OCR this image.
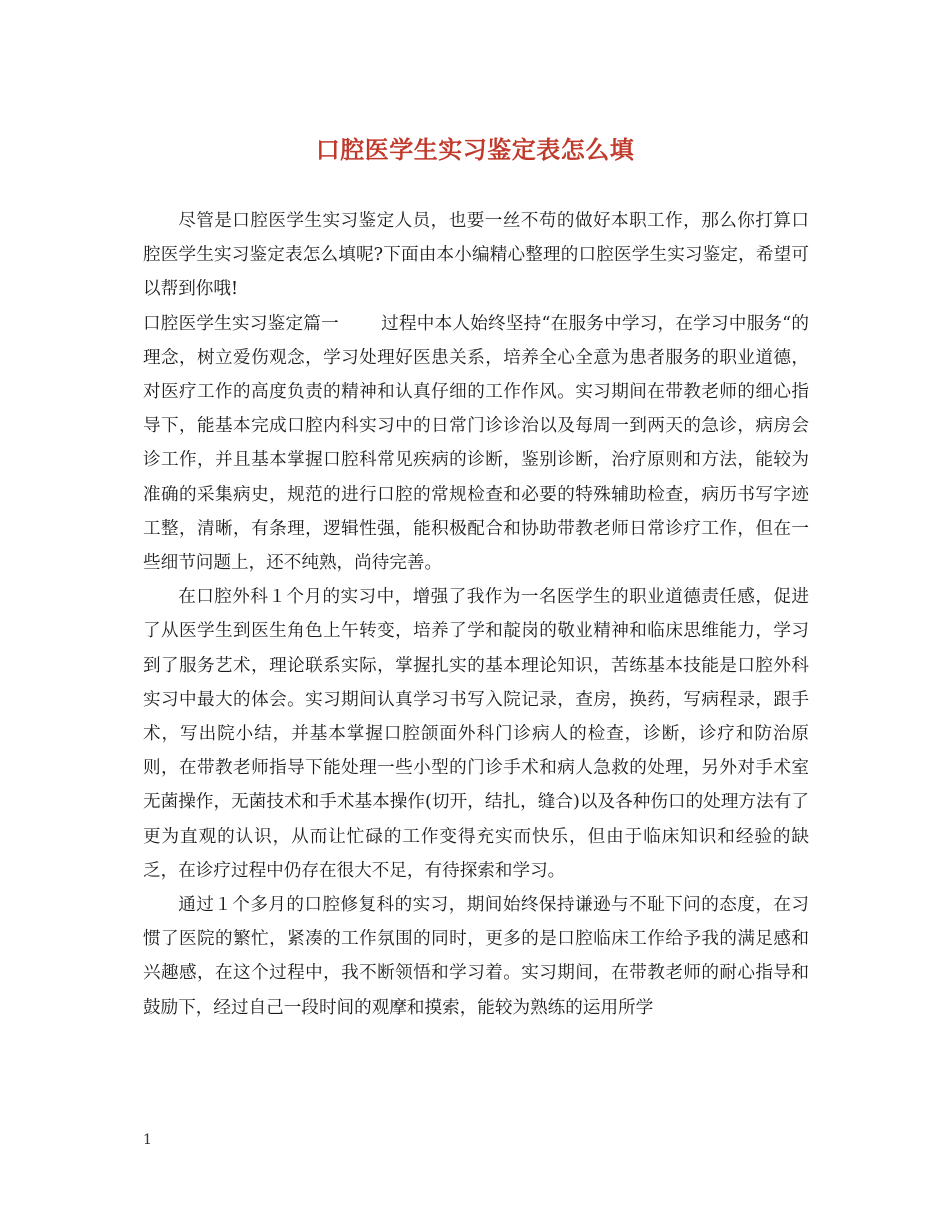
口腔医学生实习鉴定表怎么填

尽管是口腔医学生实习鉴定人员，也要一丝不苟的做好本职工作，那么你打算口腔医学生实习鉴定表怎么填呢?下面由本小编精心整理的口腔医学生实习鉴定，希望可以帮到你哦!

口腔医学生实习鉴定篇一 过程中本人始终坚持“在服务中学习，在学习中服务“的理念，树立爱伤观念，学习处理好医患关系，培养全心全意为患者服务的职业道德，对医疗工作的高度负责的精神和认真仔细的工作作风。实习期间在带教老师的细心指导下，能基本完成口腔内科实习中的日常门诊诊治以及每周一到两天的急诊，病房会诊工作，并且基本掌握口腔科常见疾病的诊断，鉴别诊断，治疗原则和方法，能较为准确的采集病史，规范的进行口腔的常规检查和必要的特殊辅助检查，病历书写字迹工整，清晰，有条理，逻辑性强，能积极配合和协助带教老师日常诊疗工作，但在一些细节问题上，还不纯熟，尚待完善。

在口腔外科１个月的实习中，增强了我作为一名医学生的职业道德责任感，促进了从医学生到医生角色上午转变，培养了学和靛岗的敬业精神和临床思维能力，学习到了服务艺术，理论联系实际，掌握扎实的基本理论知识，苦练基本技能是口腔外科实习中最大的体会。实习期间认真学习书写入院记录，查房，换药，写病程录，跟手术，写出院小结，并基本掌握口腔颌面外科门诊病人的检查，诊断，诊疗和防治原则，在带教老师指导下能处理一些小型的门诊手术和病人急救的处理，另外对手术室无菌操作，无菌技术和手术基本操作(切开，结扎，缝合)以及各种伤口的处理方法有了更为直观的认识，从而让忙碌的工作变得充实而快乐，但由于临床知识和经验的缺乏，在诊疗过程中仍存在很大不足，有待探索和学习。

通过１个多月的口腔修复科的实习，期间始终保持谦逊与不耻下问的态度，在习惯了医院的繁忙，紧凑的工作氛围的同时，更多的是口腔临床工作给予我的满足感和兴趣感，在这个过程中，我不断领悟和学习着。实习期间，在带教老师的耐心指导和鼓励下，经过自己一段时间的观摩和摸索，能较为熟练的运用所学

1
